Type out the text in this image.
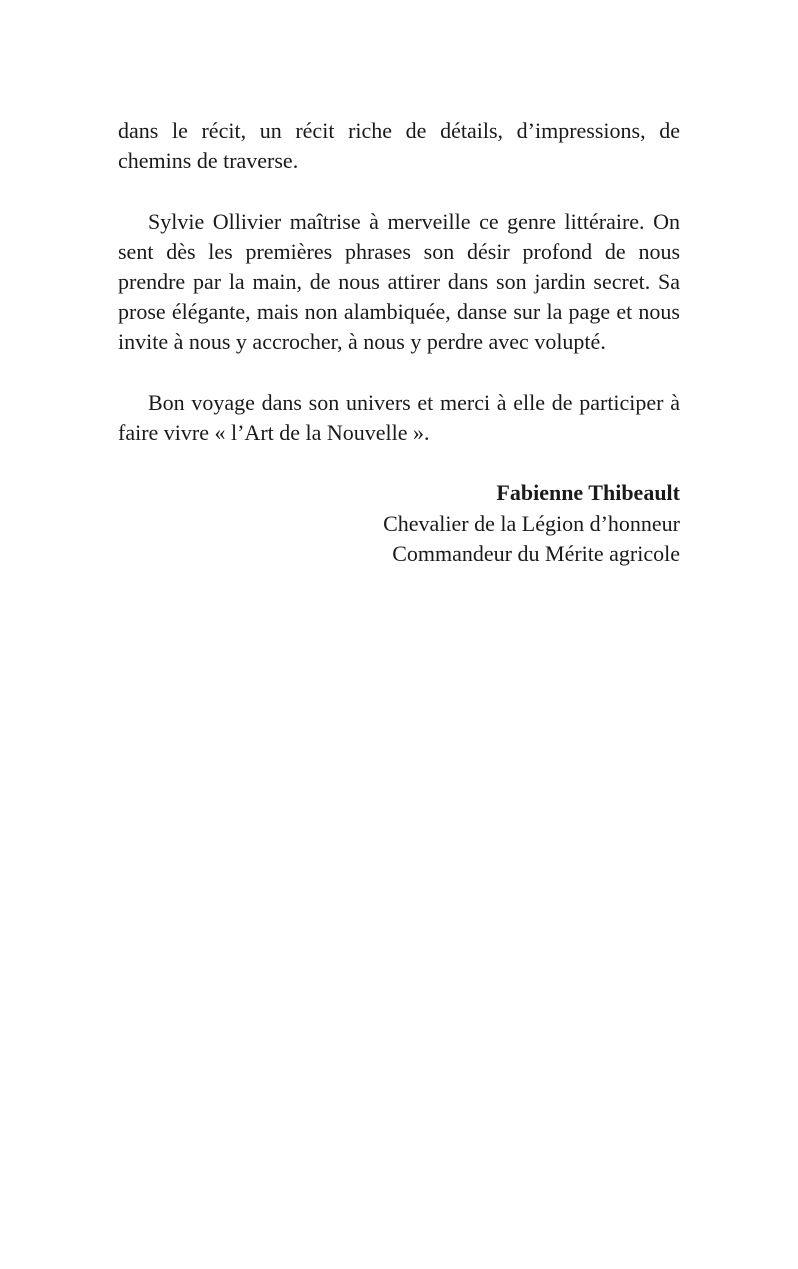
dans le récit, un récit riche de détails, d’impressions, de chemins de traverse.

Sylvie Ollivier maîtrise à merveille ce genre littéraire. On sent dès les premières phrases son désir profond de nous prendre par la main, de nous attirer dans son jardin secret. Sa prose élégante, mais non alambiquée, danse sur la page et nous invite à nous y accrocher, à nous y perdre avec volupté.

Bon voyage dans son univers et merci à elle de participer à faire vivre « l’Art de la Nouvelle ».

Fabienne Thibeault
Chevalier de la Légion d’honneur
Commandeur du Mérite agricole
